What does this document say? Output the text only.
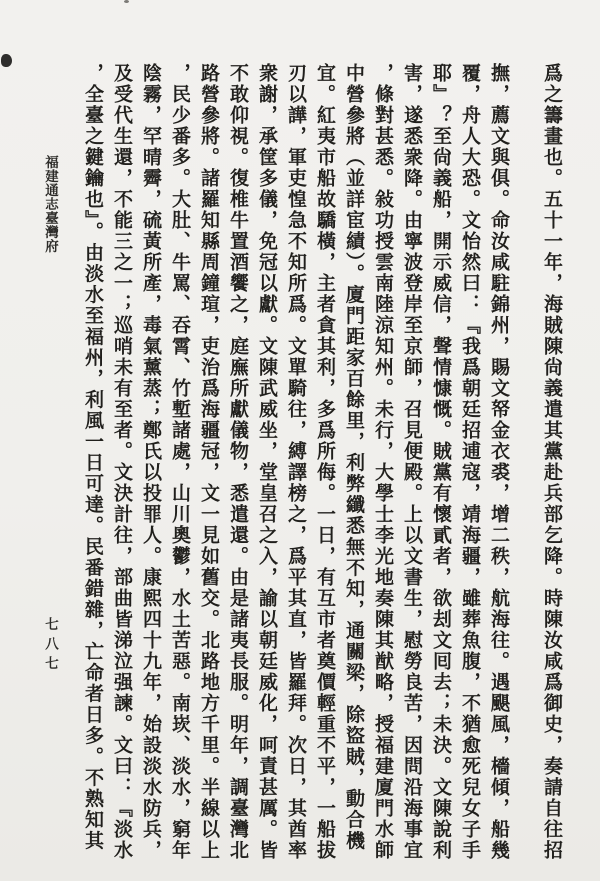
福建通志臺灣府
七八七	爲之籌畫也。五十一年，海賊陳尙義遣其黨赴兵部乞降。時陳汝咸爲御史，奏請自往招
撫，薦文與俱。命汝咸駐錦州，賜文帑金衣裘，增二秩，航海往。遇颶風，檣傾，船幾
覆，舟人大恐。文怡然曰：『我爲朝廷招逋寇，靖海疆，雖葬魚腹，不猶愈死兒女子手
耶』？至尙義船，開示威信，聲情慷慨。賊黨有懷貳者，欲刦文囘去；未決。文陳說利
害，遂悉衆降。由寧波登岸至京師，召見便殿。上以文書生，慰勞良苦，因問沿海事宜
，條對甚悉。敍功授雲南陸涼知州。未行，大學士李光地奏陳其猷略，授福建廈門水師
中營參將（並詳宦績）。廈門距家百餘里，利弊纖悉無不知，通關梁，除盜賊，動合機
宜。紅夷市船故驕橫，主者貪其利，多爲所侮。一日，有互市者奠價輕重不平，一船拔
刃以譁，軍吏惶急不知所爲。文單騎往，縛譯榜之，爲平其直，皆羅拜。次日，其酋率
衆謝，承筐多儀，免冠以獻。文陳武威坐，堂皇召之入，諭以朝廷威化，呵責甚厲。皆
不敢仰視。復椎牛置酒饗之，庭廡所獻儀物，悉遣還。由是諸夷長服。明年，調臺灣北
路營參將。諸羅知縣周鐘瑄，吏治爲海疆冠，文一見如舊交。北路地方千里。半線以上
，民少番多。大肚、牛罵、吞霄、竹塹諸處，山川奧鬱，水土苦惡。南崁、淡水，窮年
陰霧，罕晴霽，硫黃所產，毒氣薰蒸；鄭氏以投罪人。康熙四十九年，始設淡水防兵，
及受代生還，不能三之一；巡哨未有至者。文決計往，部曲皆涕泣强諫。文曰：『淡水
，全臺之鍵鑰也』。由淡水至福州，利風一日可達。民番錯雜，亡命者日多。不熟知其
